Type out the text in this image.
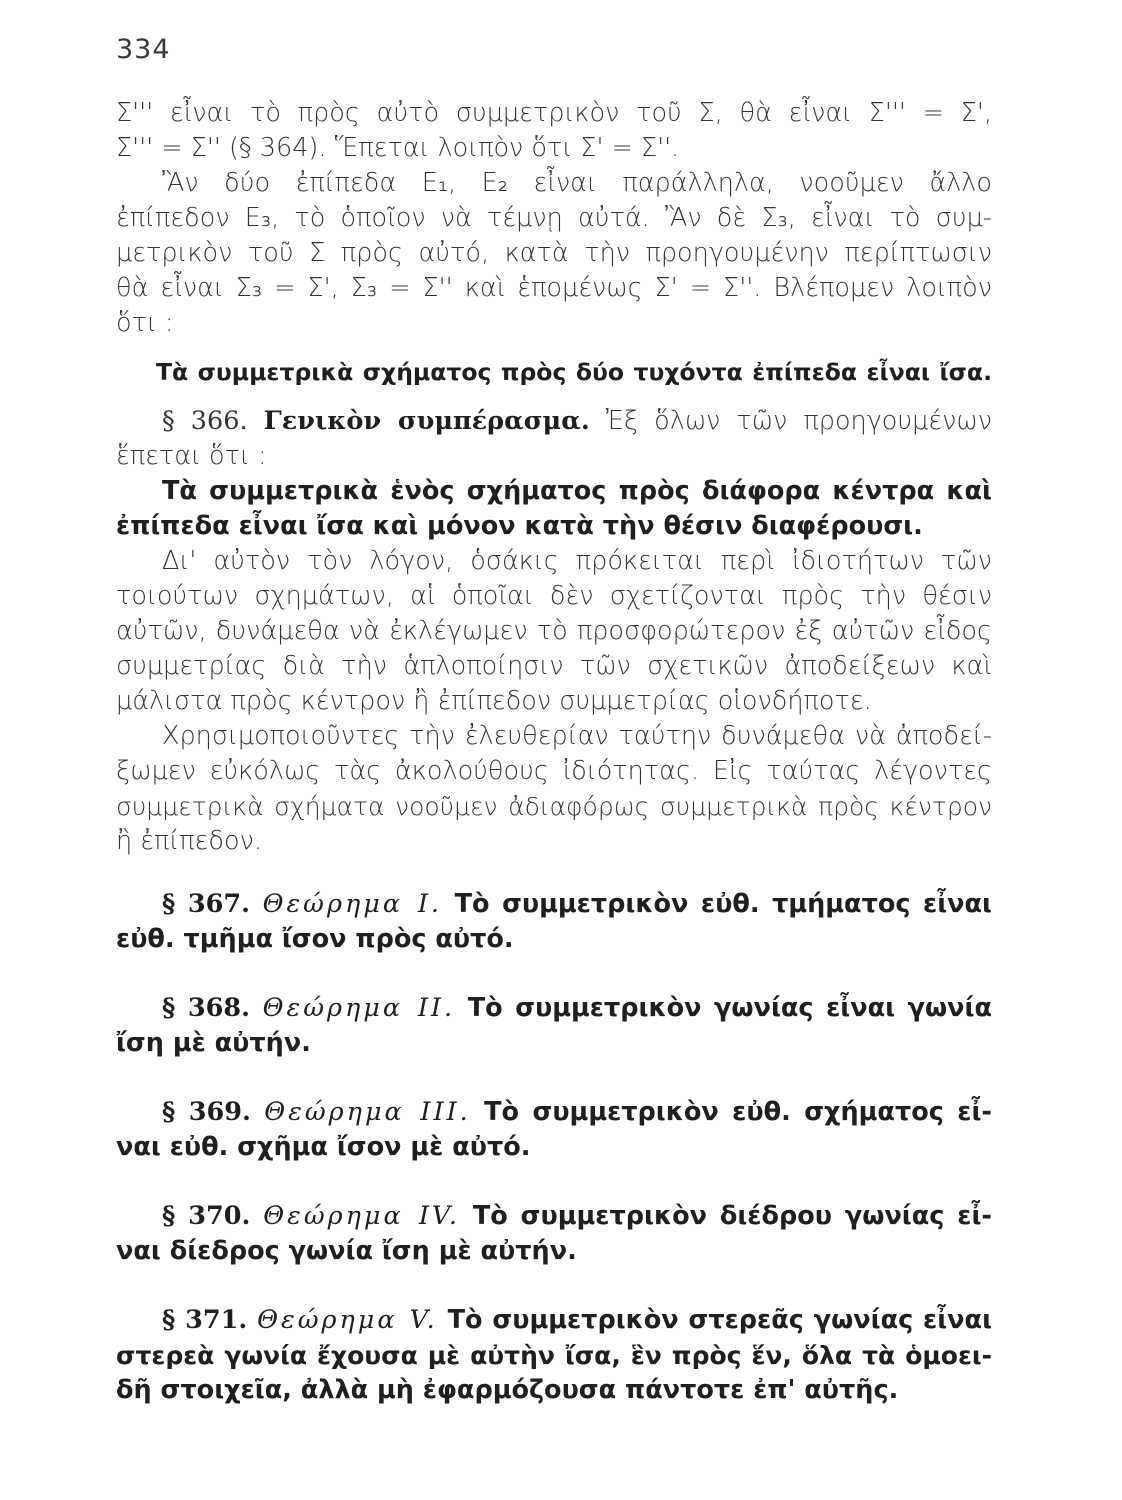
334
Σ''' εἶναι τὸ πρὸς αὐτὸ συμμετρικὸν τοῦ Σ, θὰ εἶναι Σ''' = Σ',
Σ''' = Σ'' (§ 364). Ἕπεται λοιπὸν ὅτι Σ' = Σ''.
Ἂν δύο ἐπίπεδα Ε₁, Ε₂ εἶναι παράλληλα, νοοῦμεν ἄλλο
ἐπίπεδον Ε₃, τὸ ὁποῖον νὰ τέμνῃ αὐτά. Ἂν δὲ Σ₃, εἶναι τὸ συμ-
μετρικὸν τοῦ Σ πρὸς αὐτό, κατὰ τὴν προηγουμένην περίπτωσιν
θὰ εἶναι Σ₃ = Σ', Σ₃ = Σ'' καὶ ἑπομένως Σ' = Σ''. Βλέπομεν λοιπὸν
ὅτι :
Τὰ συμμετρικὰ σχήματος πρὸς δύο τυχόντα ἐπίπεδα εἶναι ἴσα.
§ 366. Γενικὸν συμπέρασμα. Ἐξ ὅλων τῶν προηγουμένων
ἕπεται ὅτι :
Τὰ συμμετρικὰ ἑνὸς σχήματος πρὸς διάφορα κέντρα καὶ
ἐπίπεδα εἶναι ἴσα καὶ μόνον κατὰ τὴν θέσιν διαφέρουσι.
Δι' αὐτὸν τὸν λόγον, ὁσάκις πρόκειται περὶ ἰδιοτήτων τῶν
τοιούτων σχημάτων, αἱ ὁποῖαι δὲν σχετίζονται πρὸς τὴν θέσιν
αὐτῶν, δυνάμεθα νὰ ἐκλέγωμεν τὸ προσφορώτερον ἐξ αὐτῶν εἶδος
συμμετρίας διὰ τὴν ἁπλοποίησιν τῶν σχετικῶν ἀποδείξεων καὶ
μάλιστα πρὸς κέντρον ἢ ἐπίπεδον συμμετρίας οἱονδήποτε.
Χρησιμοποιοῦντες τὴν ἐλευθερίαν ταύτην δυνάμεθα νὰ ἀποδεί-
ξωμεν εὐκόλως τὰς ἀκολούθους ἰδιότητας. Εἰς ταύτας λέγοντες
συμμετρικὰ σχήματα νοοῦμεν ἀδιαφόρως συμμετρικὰ πρὸς κέντρον
ἢ ἐπίπεδον.
§ 367. Θεώρημα Ι. Τὸ συμμετρικὸν εὐθ. τμήματος εἶναι
εὐθ. τμῆμα ἴσον πρὸς αὐτό.
§ 368. Θεώρημα ΙΙ. Τὸ συμμετρικὸν γωνίας εἶναι γωνία
ἴση μὲ αὐτήν.
§ 369. Θεώρημα ΙΙΙ. Τὸ συμμετρικὸν εὐθ. σχήματος εἶ-
ναι εὐθ. σχῆμα ἴσον μὲ αὐτό.
§ 370. Θεώρημα IV. Τὸ συμμετρικὸν διέδρου γωνίας εἶ-
ναι δίεδρος γωνία ἴση μὲ αὐτήν.
§ 371. Θεώρημα V. Τὸ συμμετρικὸν στερεᾶς γωνίας εἶναι
στερεὰ γωνία ἔχουσα μὲ αὐτὴν ἴσα, ἓν πρὸς ἕν, ὅλα τὰ ὁμοει-
δῆ στοιχεῖα, ἀλλὰ μὴ ἐφαρμόζουσα πάντοτε ἐπ' αὐτῆς.
